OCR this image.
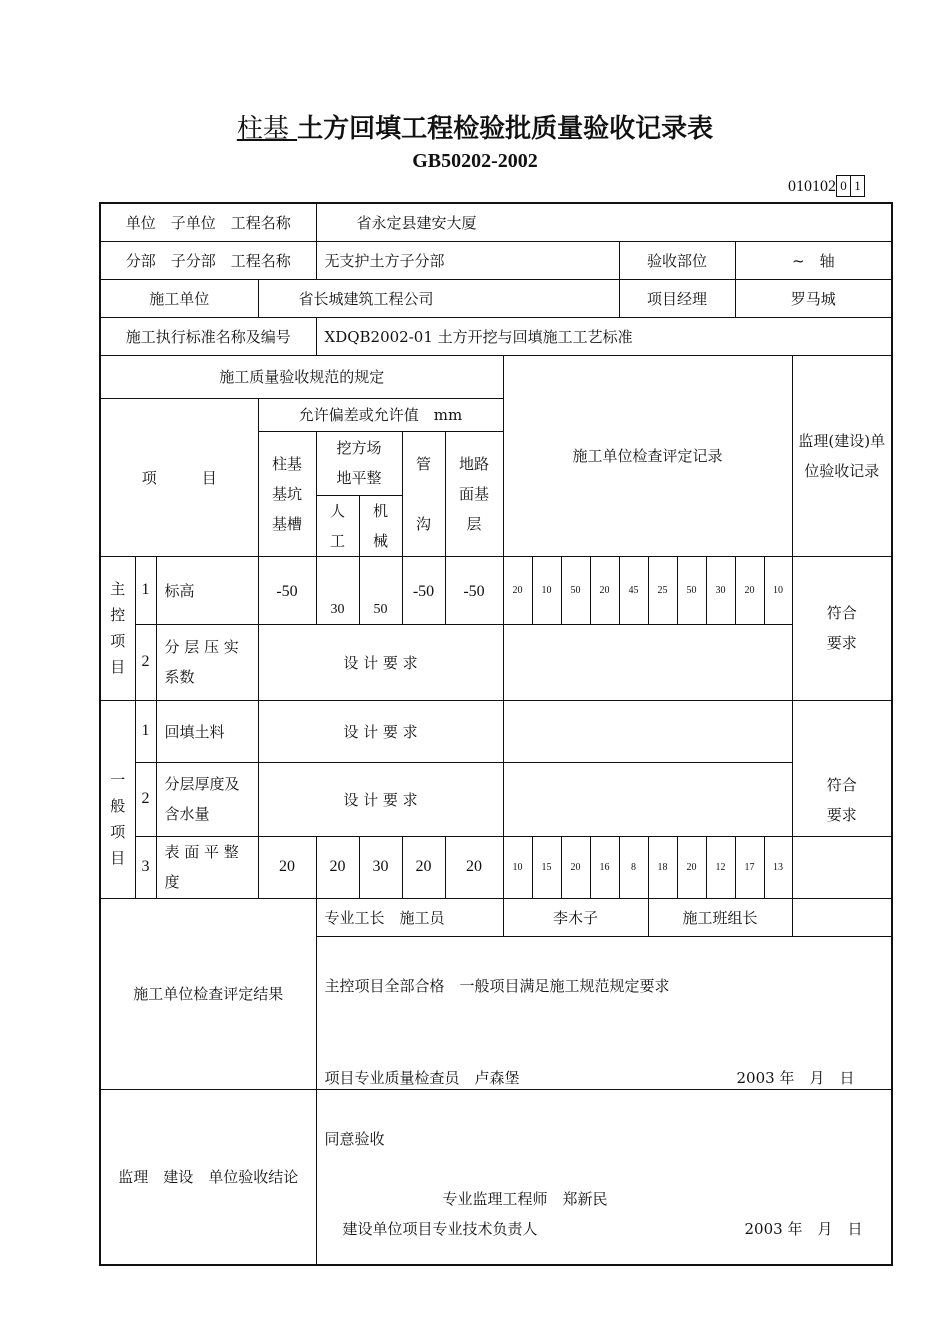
柱基 土方回填工程检验批质量验收记录表
GB50202-2002
010102 0 1
单位　子单位　工程名称				省永定县建安大厦														
分部　子分部　工程名称				无支护土方子分部								验收部位				~　轴		
施工单位			省长城建筑工程公司									项目经理				罗马城		
施工执行标准名称及编号				XDQB2002-01 土方开挖与回填施工工艺标准														
施工质量验收规范的规定								施工单位检查评定记录										监理(建设)单位验收记录
项　　　目			允许偏差或允许值　mm															
			柱基基坑基槽	挖方场地平整		管沟	地路面基层											
				人工	机械													
主控项目	1	标高	-50	30	50	-50	-50	20	10	50	20	45	25	50	30	20	10	符合要求
	2	分 层 压 实 系数	设 计 要 求															
一般项目	1	回填土料	设 计 要 求															符合要求
	2	分层厚度及含水量	设 计 要 求															
	3	表 面 平 整 度	20	20	30	20	20	10	15	20	16	8	18	20	12	17	13	
施工单位检查评定结果				专业工长　施工员				李木子					施工班组长					

				主控项目全部合格　一般项目满足施工规范规定要求
项目专业质量检查员　卢森堡 2003 年　月　日														

监理　建设　单位验收结论				同意验收
专业监理工程师　郑新民
建设单位项目专业技术负责人 2003 年　月　日														
